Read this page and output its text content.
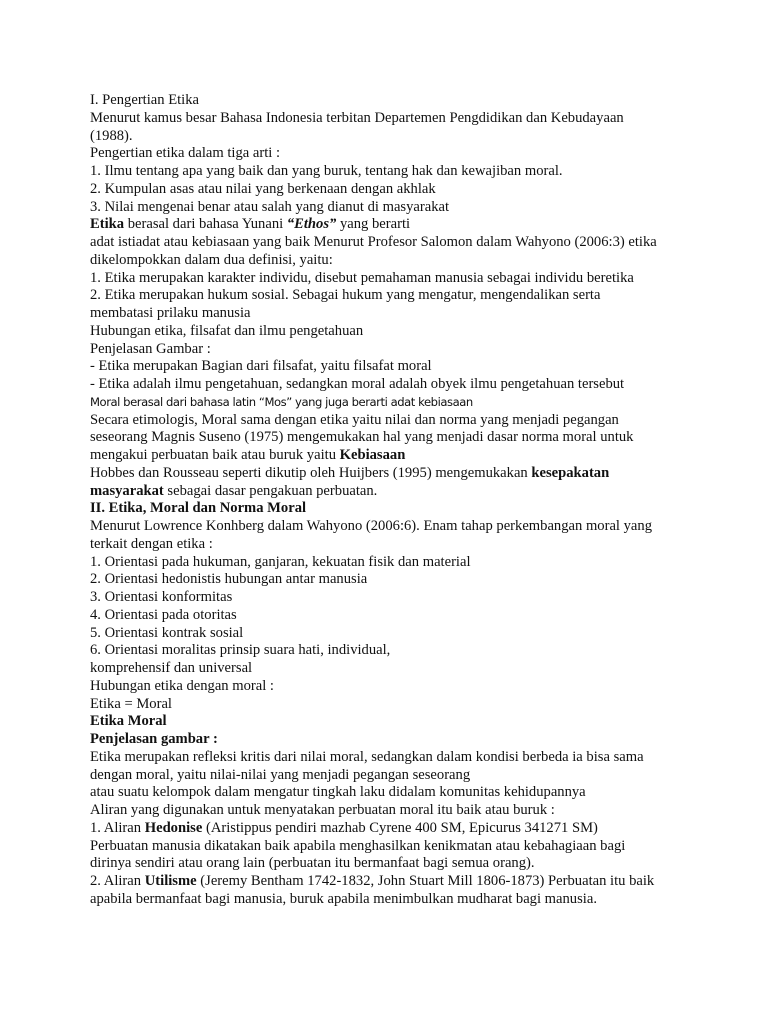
I. Pengertian Etika

Menurut kamus besar Bahasa Indonesia terbitan Departemen Pengdidikan dan Kebudayaan

(1988).

Pengertian etika dalam tiga arti :

1. Ilmu tentang apa yang baik dan yang buruk, tentang hak dan kewajiban moral.

2. Kumpulan asas atau nilai yang berkenaan dengan akhlak

3. Nilai mengenai benar atau salah yang dianut di masyarakat

Etika berasal dari bahasa Yunani “Ethos” yang berarti

adat istiadat atau kebiasaan yang baik Menurut Profesor Salomon dalam Wahyono (2006:3) etika

dikelompokkan dalam dua definisi, yaitu:

1. Etika merupakan karakter individu, disebut pemahaman manusia sebagai individu beretika

2. Etika merupakan hukum sosial. Sebagai hukum yang mengatur, mengendalikan serta

membatasi prilaku manusia

Hubungan etika, filsafat dan ilmu pengetahuan

Penjelasan Gambar :

- Etika merupakan Bagian dari filsafat, yaitu filsafat moral

- Etika adalah ilmu pengetahuan, sedangkan moral adalah obyek ilmu pengetahuan tersebut

Moral berasal dari bahasa latin “Mos” yang juga berarti adat kebiasaan

Secara etimologis, Moral sama dengan etika yaitu nilai dan norma yang menjadi pegangan

seseorang Magnis Suseno (1975) mengemukakan hal yang menjadi dasar norma moral untuk

mengakui perbuatan baik atau buruk yaitu Kebiasaan

Hobbes dan Rousseau seperti dikutip oleh Huijbers (1995) mengemukakan kesepakatan

masyarakat sebagai dasar pengakuan perbuatan.

II. Etika, Moral dan Norma Moral

Menurut Lowrence Konhberg dalam Wahyono (2006:6). Enam tahap perkembangan moral yang

terkait dengan etika :

1. Orientasi pada hukuman, ganjaran, kekuatan fisik dan material

2. Orientasi hedonistis hubungan antar manusia

3. Orientasi konformitas

4. Orientasi pada otoritas

5. Orientasi kontrak sosial

6. Orientasi moralitas prinsip suara hati, individual,

komprehensif dan universal

Hubungan etika dengan moral :

Etika = Moral

Etika Moral

Penjelasan gambar :

Etika merupakan refleksi kritis dari nilai moral, sedangkan dalam kondisi berbeda ia bisa sama

dengan moral, yaitu nilai-nilai yang menjadi pegangan seseorang

atau suatu kelompok dalam mengatur tingkah laku didalam komunitas kehidupannya

Aliran yang digunakan untuk menyatakan perbuatan moral itu baik atau buruk :

1. Aliran Hedonise (Aristippus pendiri mazhab Cyrene 400 SM, Epicurus 341271 SM)

Perbuatan manusia dikatakan baik apabila menghasilkan kenikmatan atau kebahagiaan bagi

dirinya sendiri atau orang lain (perbuatan itu bermanfaat bagi semua orang).

2. Aliran Utilisme (Jeremy Bentham 1742-1832, John Stuart Mill 1806-1873) Perbuatan itu baik

apabila bermanfaat bagi manusia, buruk apabila menimbulkan mudharat bagi manusia.
